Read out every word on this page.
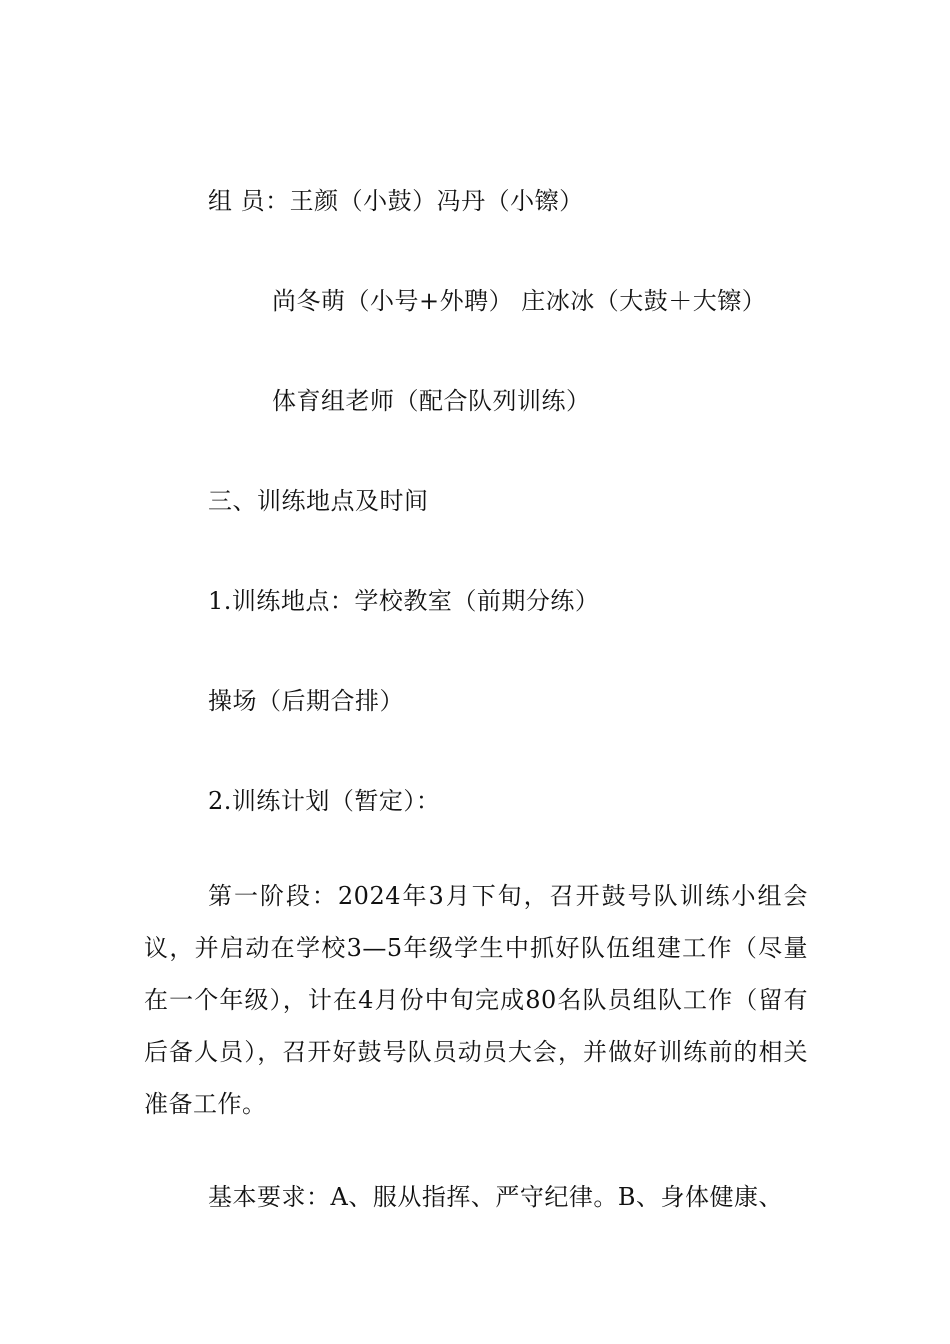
组 员：王颜（小鼓）冯丹（小镲）
尚冬萌（小号+外聘） 庄冰冰（大鼓＋大镲）
体育组老师（配合队列训练）
三、训练地点及时间
1.训练地点：学校教室（前期分练）
操场（后期合排）
2.训练计划（暂定）：
第一阶段：2024年3月下旬，召开鼓号队训练小组会议，并启动在学校3—5年级学生中抓好队伍组建工作（尽量在一个年级），计在4月份中旬完成80名队员组队工作（留有后备人员），召开好鼓号队员动员大会，并做好训练前的相关准备工作。
基本要求：A、服从指挥、严守纪律。B、身体健康、
